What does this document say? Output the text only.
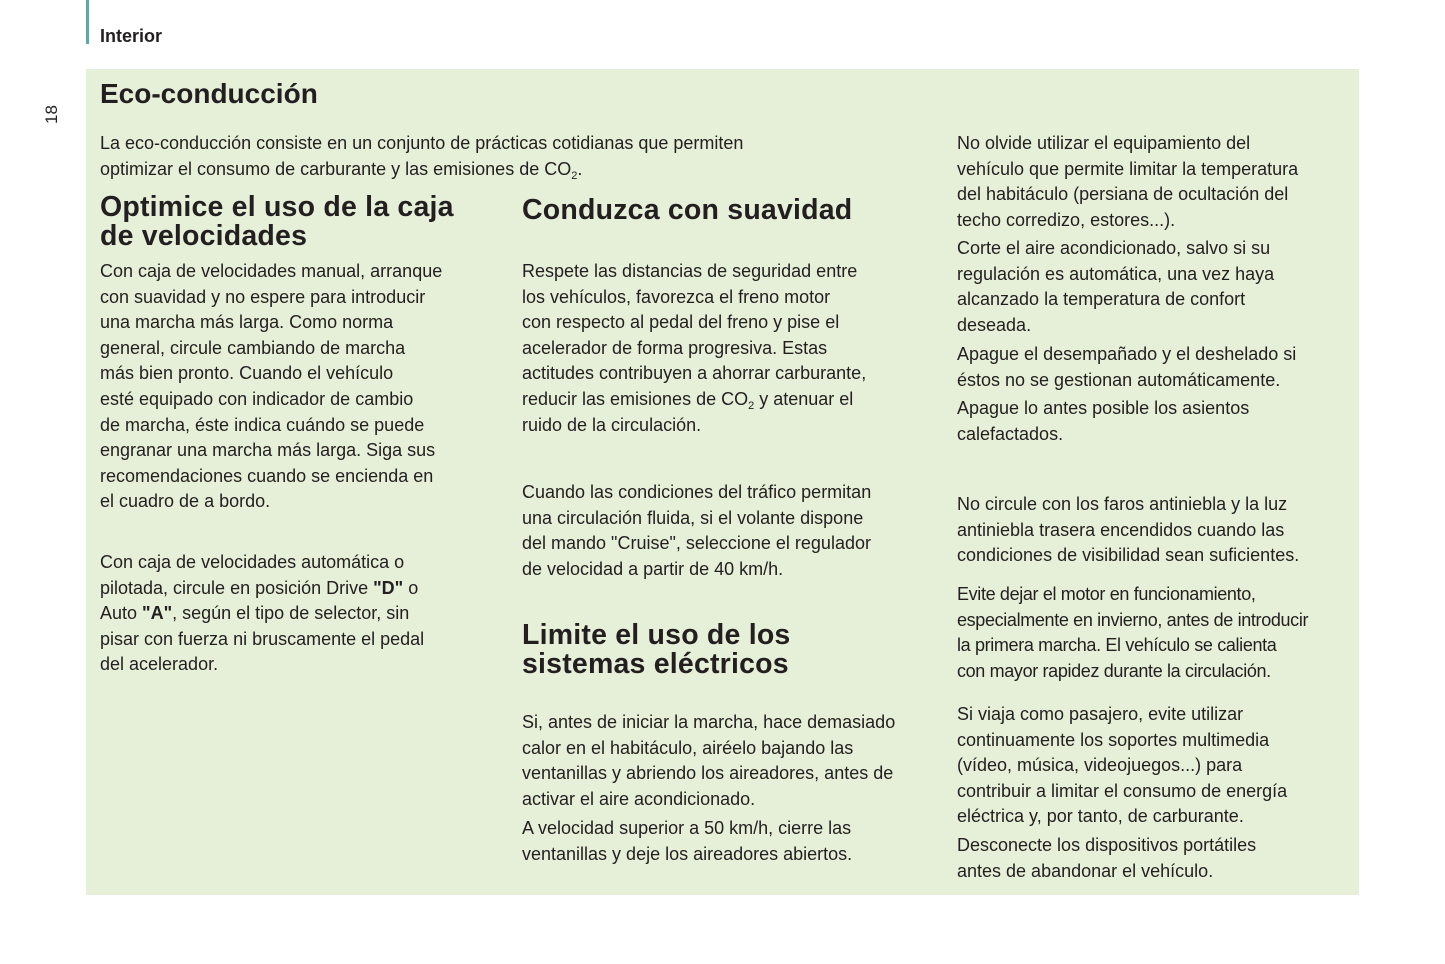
Interior
18
Eco-conducción
La eco-conducción consiste en un conjunto de prácticas cotidianas que permiten
optimizar el consumo de carburante y las emisiones de $CO_2$.
Optimice el uso de la caja
de velocidades
Con caja de velocidades manual, arranque
con suavidad y no espere para introducir
una marcha más larga. Como norma
general, circule cambiando de marcha
más bien pronto. Cuando el vehículo
esté equipado con indicador de cambio
de marcha, éste indica cuándo se puede
engranar una marcha más larga. Siga sus
recomendaciones cuando se encienda en
el cuadro de a bordo.
Con caja de velocidades automática o
pilotada, circule en posición Drive "D" o
Auto "A", según el tipo de selector, sin
pisar con fuerza ni bruscamente el pedal
del acelerador.
Conduzca con suavidad
Respete las distancias de seguridad entre
los vehículos, favorezca el freno motor
con respecto al pedal del freno y pise el
acelerador de forma progresiva. Estas
actitudes contribuyen a ahorrar carburante,
reducir las emisiones de $CO_2$ y atenuar el
ruido de la circulación.
Cuando las condiciones del tráfico permitan
una circulación fluida, si el volante dispone
del mando "Cruise", seleccione el regulador
de velocidad a partir de 40 km/h.
Limite el uso de los
sistemas eléctricos
Si, antes de iniciar la marcha, hace demasiado
calor en el habitáculo, airéelo bajando las
ventanillas y abriendo los aireadores, antes de
activar el aire acondicionado.
A velocidad superior a 50 km/h, cierre las
ventanillas y deje los aireadores abiertos.
No olvide utilizar el equipamiento del
vehículo que permite limitar la temperatura
del habitáculo (persiana de ocultación del
techo corredizo, estores...).
Corte el aire acondicionado, salvo si su
regulación es automática, una vez haya
alcanzado la temperatura de confort
deseada.
Apague el desempañado y el deshelado si
éstos no se gestionan automáticamente.
Apague lo antes posible los asientos
calefactados.
No circule con los faros antiniebla y la luz
antiniebla trasera encendidos cuando las
condiciones de visibilidad sean suficientes.
Evite dejar el motor en funcionamiento,
especialmente en invierno, antes de introducir
la primera marcha. El vehículo se calienta
con mayor rapidez durante la circulación.
Si viaja como pasajero, evite utilizar
continuamente los soportes multimedia
(vídeo, música, videojuegos...) para
contribuir a limitar el consumo de energía
eléctrica y, por tanto, de carburante.
Desconecte los dispositivos portátiles
antes de abandonar el vehículo.
